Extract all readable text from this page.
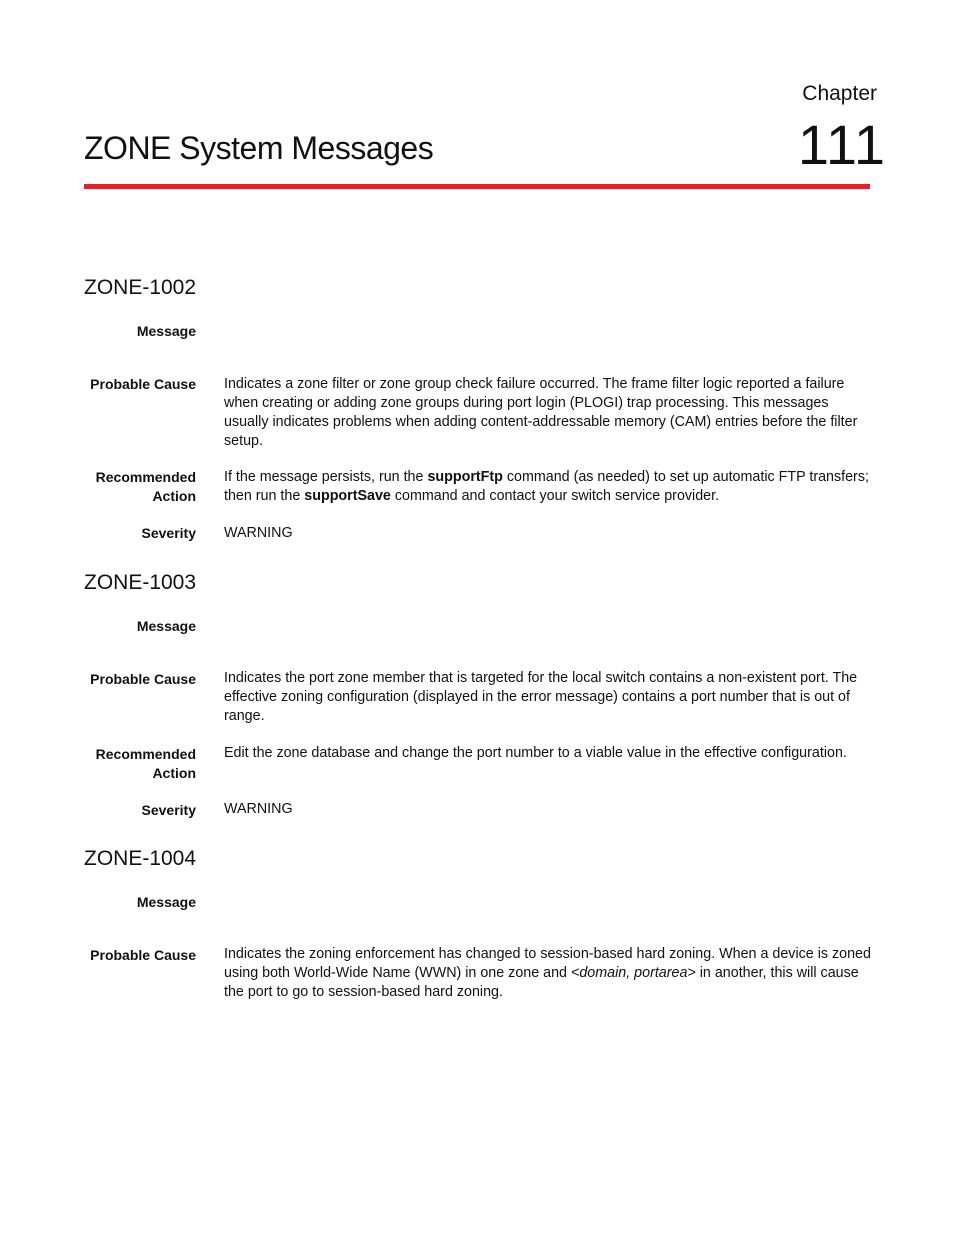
Chapter
111
ZONE System Messages
ZONE-1002
Message
Probable Cause Indicates a zone filter or zone group check failure occurred. The frame filter logic reported a failure when creating or adding zone groups during port login (PLOGI) trap processing. This messages usually indicates problems when adding content-addressable memory (CAM) entries before the filter setup.
Recommended
Action
If the message persists, run the supportFtp command (as needed) to set up automatic FTP transfers; then run the supportSave command and contact your switch service provider.
Severity WARNING
ZONE-1003
Message
Probable Cause Indicates the port zone member that is targeted for the local switch contains a non-existent port. The effective zoning configuration (displayed in the error message) contains a port number that is out of range.
Recommended
Action
Edit the zone database and change the port number to a viable value in the effective configuration.
Severity WARNING
ZONE-1004
Message
Probable Cause Indicates the zoning enforcement has changed to session-based hard zoning. When a device is zoned using both World-Wide Name (WWN) in one zone and <domain, portarea> in another, this will cause the port to go to session-based hard zoning.
